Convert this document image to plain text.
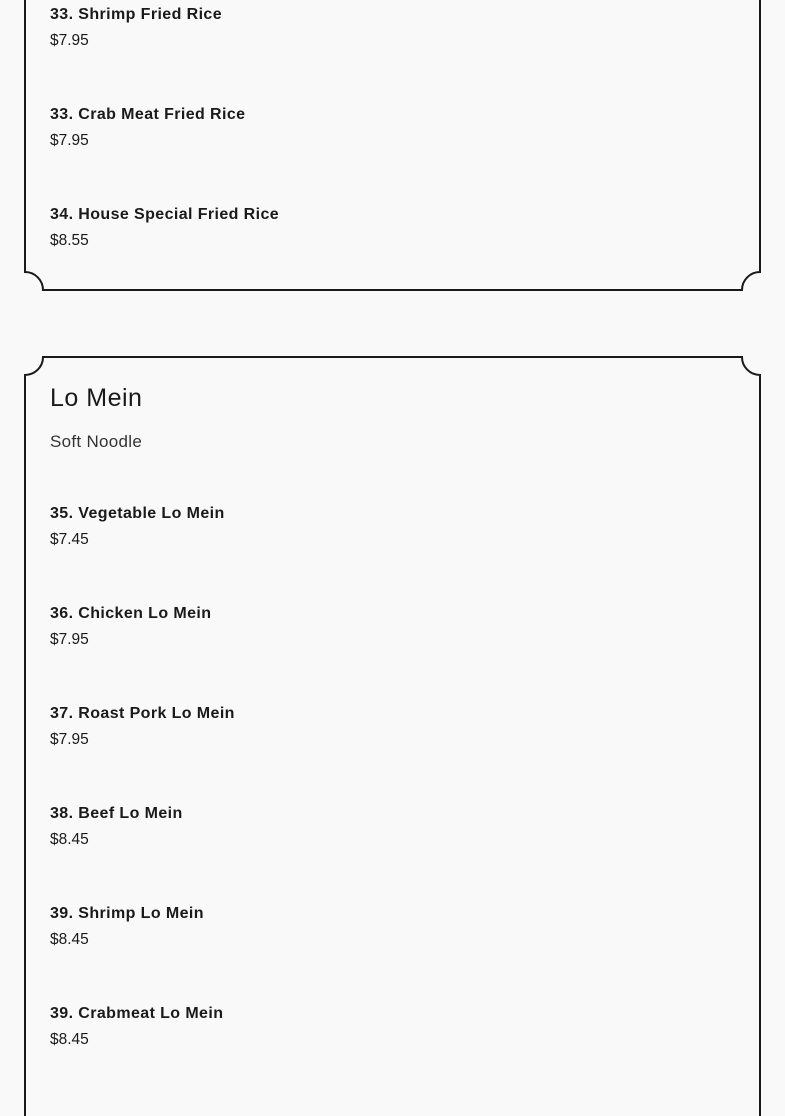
33. Shrimp Fried Rice
$7.95
33. Crab Meat Fried Rice
$7.95
34. House Special Fried Rice
$8.55
Lo Mein
Soft Noodle
35. Vegetable Lo Mein
$7.45
36. Chicken Lo Mein
$7.95
37. Roast Pork Lo Mein
$7.95
38. Beef Lo Mein
$8.45
39. Shrimp Lo Mein
$8.45
39. Crabmeat Lo Mein
$8.45
